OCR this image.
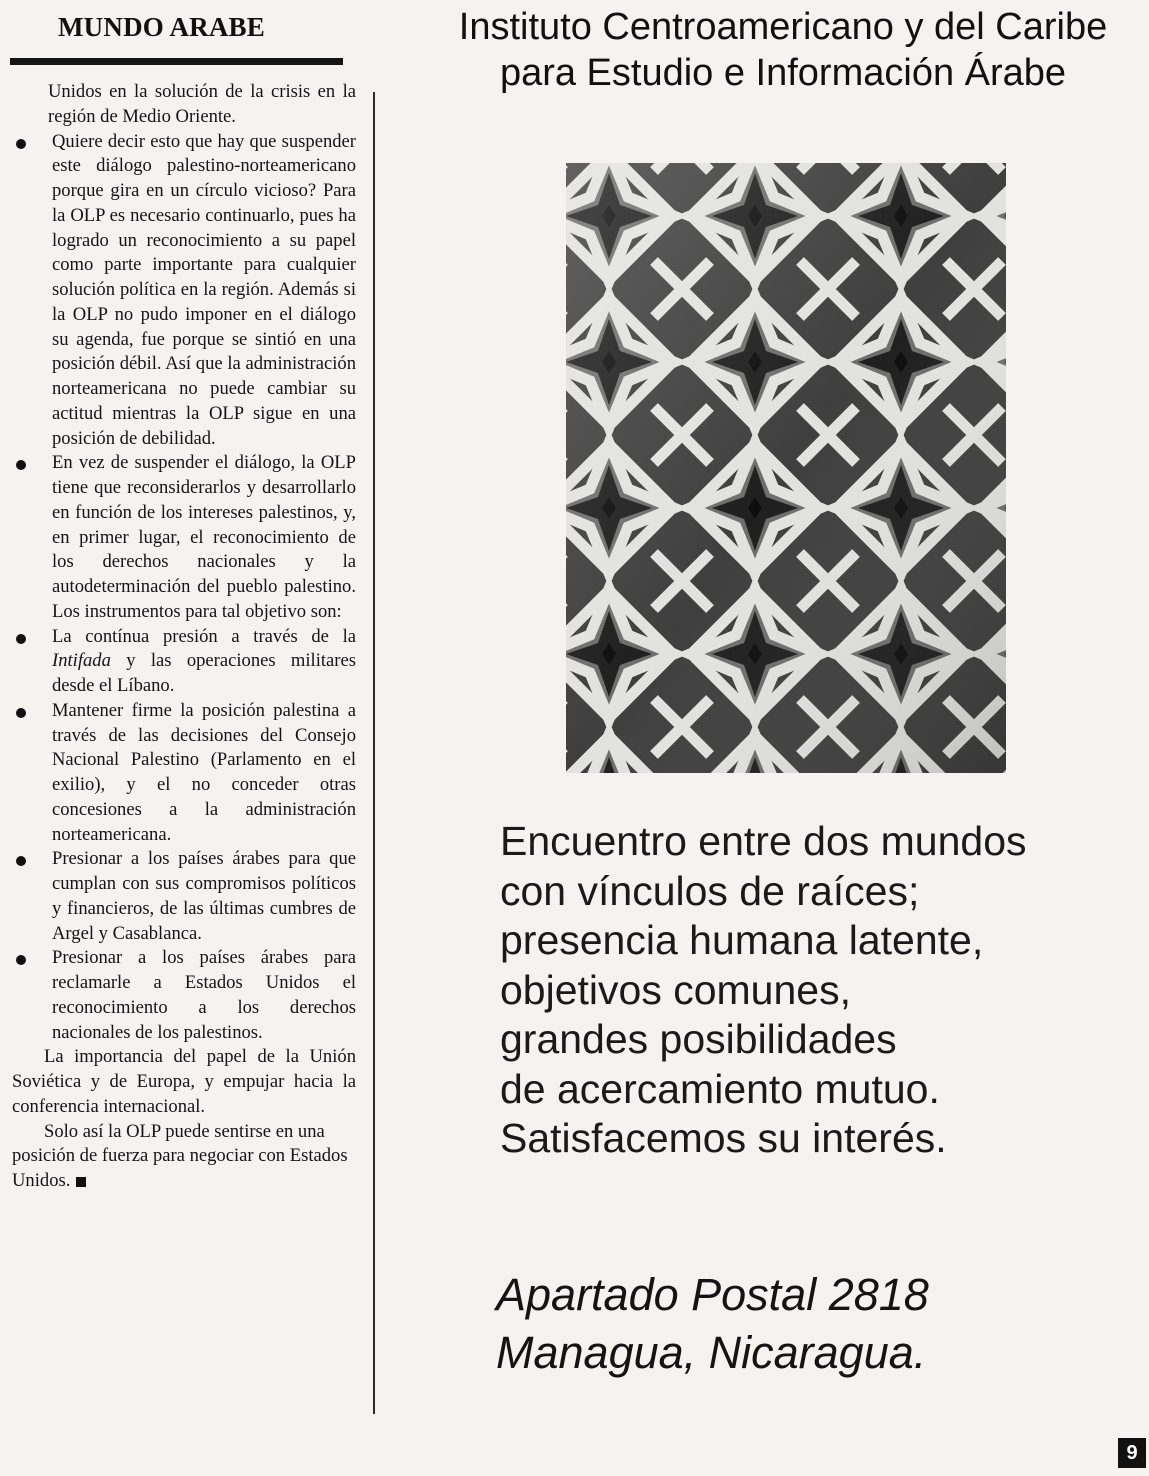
MUNDO ARABE

Unidos en la solución de la crisis en la región de Medio Oriente.

Quiere decir esto que hay que suspender este diálogo palestino-norteamericano porque gira en un círculo vicioso? Para la OLP es necesario continuarlo, pues ha logrado un reconocimiento a su papel como parte importante para cualquier solución política en la región. Además si la OLP no pudo imponer en el diálogo su agenda, fue porque se sintió en una posición débil. Así que la administración norteamericana no puede cambiar su actitud mientras la OLP sigue en una posición de debilidad.

En vez de suspender el diálogo, la OLP tiene que reconsiderarlos y desarrollarlo en función de los intereses palestinos, y, en primer lugar, el reconocimiento de los derechos nacionales y la autodeterminación del pueblo palestino. Los instrumentos para tal objetivo son:

La contínua presión a través de la Intifada y las operaciones militares desde el Líbano.

Mantener firme la posición palestina a través de las decisiones del Consejo Nacional Palestino (Parlamento en el exilio), y el no conceder otras concesiones a la administración norteamericana.

Presionar a los países árabes para que cumplan con sus compromisos políticos y financieros, de las últimas cumbres de Argel y Casablanca.

Presionar a los países árabes para reclamarle a Estados Unidos el reconocimiento a los derechos nacionales de los palestinos.

La importancia del papel de la Unión Soviética y de Europa, y empujar hacia la conferencia internacional.

Solo así la OLP puede sentirse en una posición de fuerza para negociar con Estados Unidos.

Instituto Centroamericano y del Caribe
para Estudio e Información Árabe
Encuentro entre dos mundos
con vínculos de raíces;
presencia humana latente,
objetivos comunes,
grandes posibilidades
de acercamiento mutuo.
Satisfacemos su interés.
Apartado Postal 2818
Managua, Nicaragua.
9
